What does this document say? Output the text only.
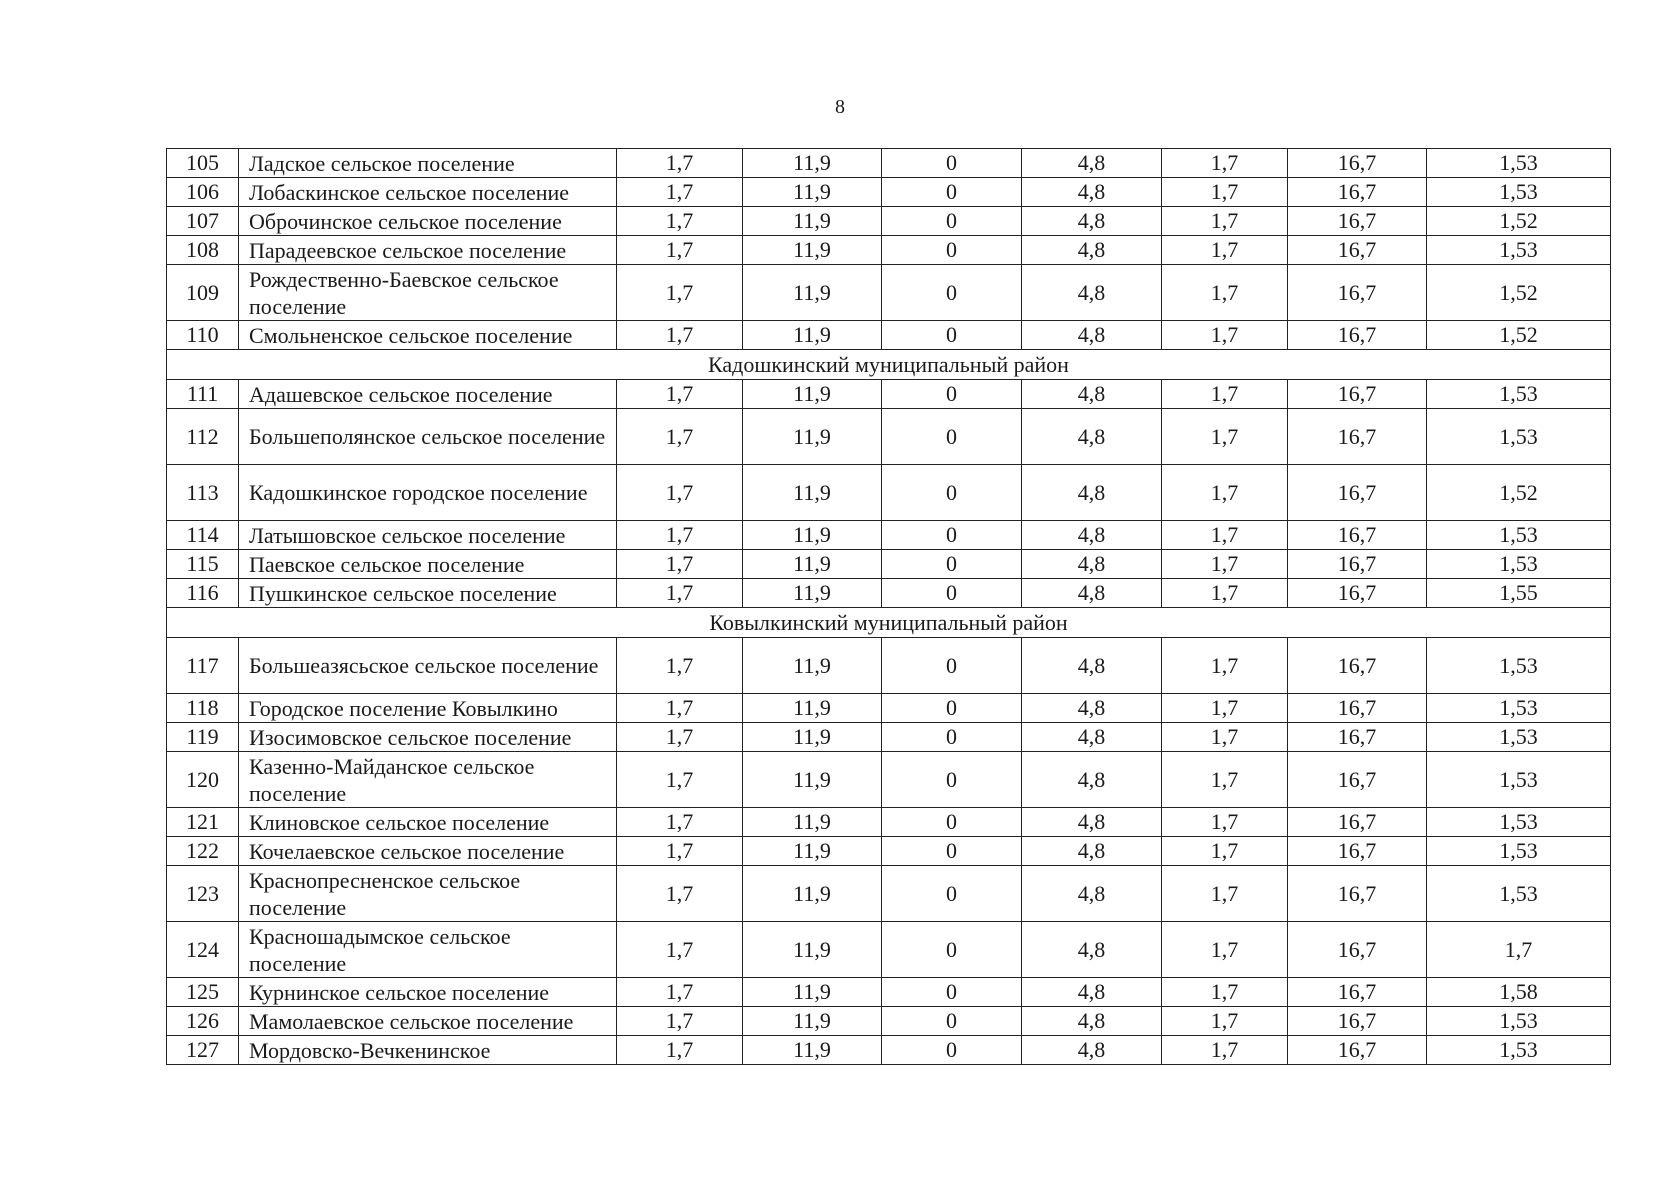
8
105	Ладское сельское поселение	1,7	11,9	0	4,8	1,7	16,7	1,53
106	Лобаскинское сельское поселение	1,7	11,9	0	4,8	1,7	16,7	1,53
107	Оброчинское сельское поселение	1,7	11,9	0	4,8	1,7	16,7	1,52
108	Парадеевское сельское поселение	1,7	11,9	0	4,8	1,7	16,7	1,53
109	Рождественно-Баевское сельское поселение	1,7	11,9	0	4,8	1,7	16,7	1,52
110	Смольненское сельское поселение	1,7	11,9	0	4,8	1,7	16,7	1,52
Кадошкинский муниципальный район								
111	Адашевское сельское поселение	1,7	11,9	0	4,8	1,7	16,7	1,53
112	Большеполянское сельское поселение	1,7	11,9	0	4,8	1,7	16,7	1,53
113	Кадошкинское городское поселение	1,7	11,9	0	4,8	1,7	16,7	1,52
114	Латышовское сельское поселение	1,7	11,9	0	4,8	1,7	16,7	1,53
115	Паевское сельское поселение	1,7	11,9	0	4,8	1,7	16,7	1,53
116	Пушкинское сельское поселение	1,7	11,9	0	4,8	1,7	16,7	1,55
Ковылкинский муниципальный район								
117	Большеазясьское сельское поселение	1,7	11,9	0	4,8	1,7	16,7	1,53
118	Городское поселение Ковылкино	1,7	11,9	0	4,8	1,7	16,7	1,53
119	Изосимовское сельское поселение	1,7	11,9	0	4,8	1,7	16,7	1,53
120	Казенно-Майданское сельское поселение	1,7	11,9	0	4,8	1,7	16,7	1,53
121	Клиновское сельское поселение	1,7	11,9	0	4,8	1,7	16,7	1,53
122	Кочелаевское сельское поселение	1,7	11,9	0	4,8	1,7	16,7	1,53
123	Краснопресненское сельское поселение	1,7	11,9	0	4,8	1,7	16,7	1,53
124	Красношадымское сельское поселение	1,7	11,9	0	4,8	1,7	16,7	1,7
125	Курнинское сельское поселение	1,7	11,9	0	4,8	1,7	16,7	1,58
126	Мамолаевское сельское поселение	1,7	11,9	0	4,8	1,7	16,7	1,53
127	Мордовско-Вечкенинское	1,7	11,9	0	4,8	1,7	16,7	1,53
